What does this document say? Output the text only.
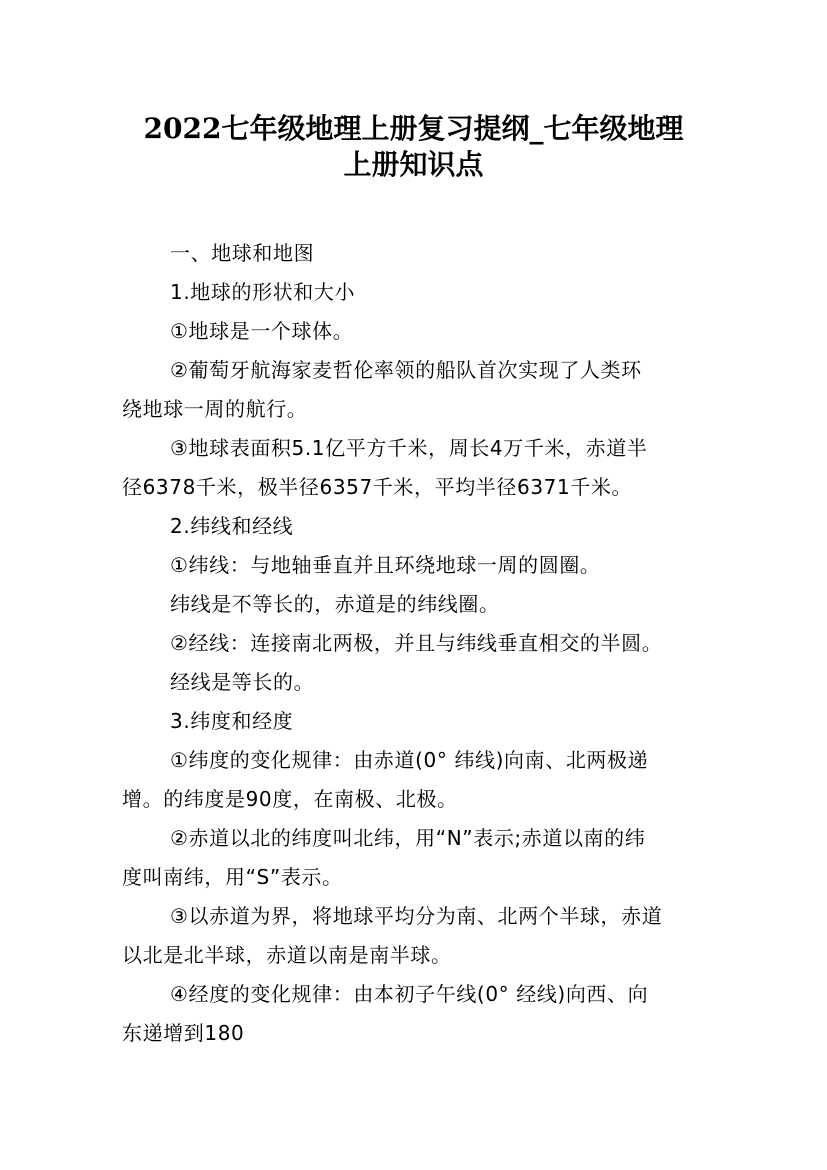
2022七年级地理上册复习提纲_七年级地理
上册知识点

一、地球和地图

1.地球的形状和大小

①地球是一个球体。

②葡萄牙航海家麦哲伦率领的船队首次实现了人类环
绕地球一周的航行。

③地球表面积5.1亿平方千米，周长4万千米，赤道半
径6378千米，极半径6357千米，平均半径6371千米。

2.纬线和经线

①纬线：与地轴垂直并且环绕地球一周的圆圈。

纬线是不等长的，赤道是的纬线圈。

②经线：连接南北两极，并且与纬线垂直相交的半圆。

经线是等长的。

3.纬度和经度

①纬度的变化规律：由赤道(0° 纬线)向南、北两极递
增。的纬度是90度，在南极、北极。

②赤道以北的纬度叫北纬，用“N”表示;赤道以南的纬
度叫南纬，用“S”表示。

③以赤道为界，将地球平均分为南、北两个半球，赤道
以北是北半球，赤道以南是南半球。

④经度的变化规律：由本初子午线(0° 经线)向西、向
东递增到180
